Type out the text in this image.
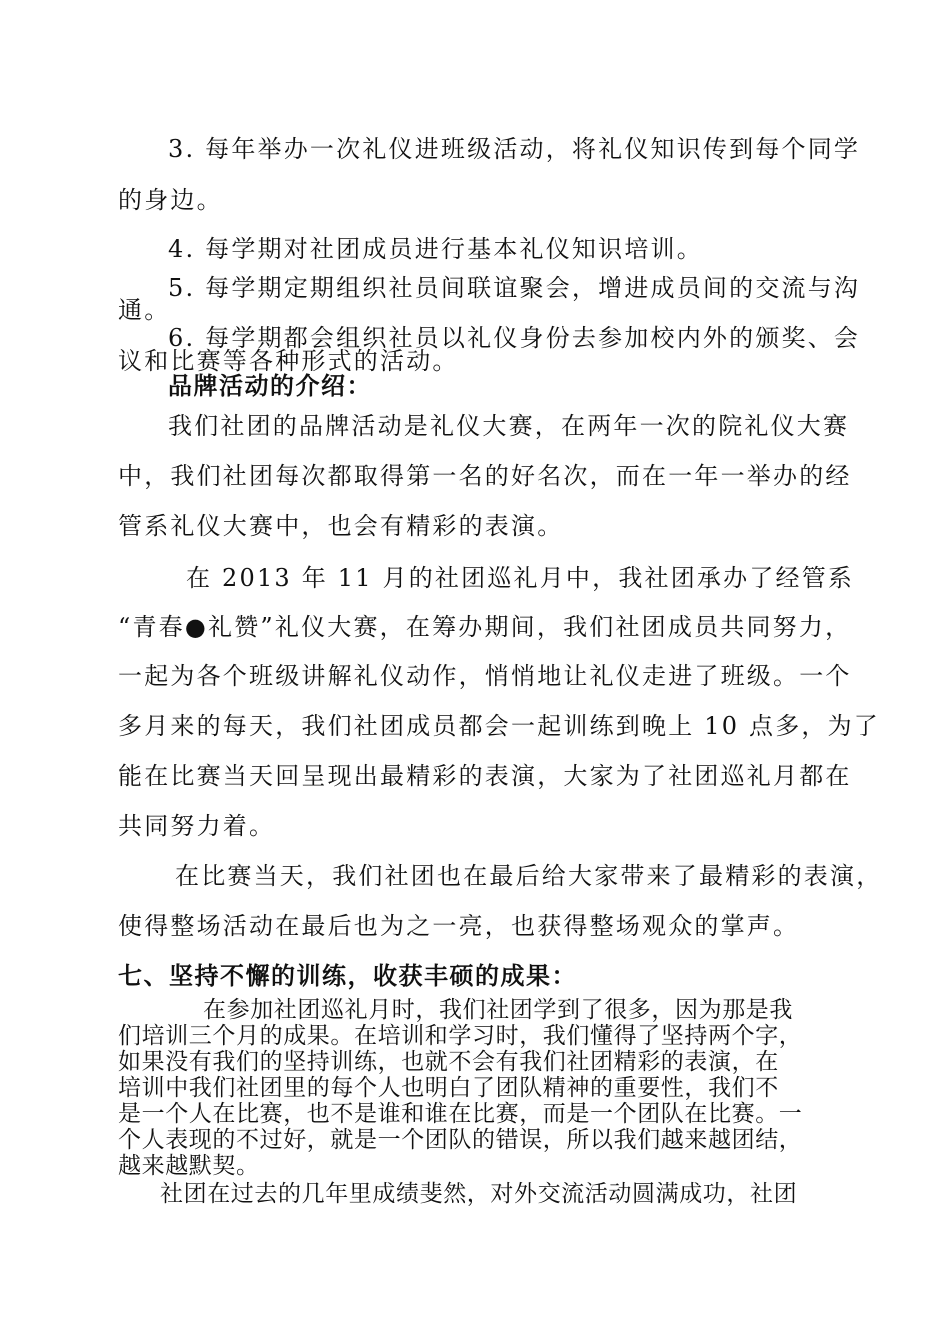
3. 每年举办一次礼仪进班级活动，将礼仪知识传到每个同学
的身边。
4. 每学期对社团成员进行基本礼仪知识培训。
5. 每学期定期组织社员间联谊聚会，增进成员间的交流与沟
通。
6. 每学期都会组织社员以礼仪身份去参加校内外的颁奖、会
议和比赛等各种形式的活动。
品牌活动的介绍：
我们社团的品牌活动是礼仪大赛，在两年一次的院礼仪大赛
中，我们社团每次都取得第一名的好名次，而在一年一举办的经
管系礼仪大赛中，也会有精彩的表演。
在 2013 年 11 月的社团巡礼月中，我社团承办了经管系
“青春●礼赞”礼仪大赛，在筹办期间，我们社团成员共同努力，
一起为各个班级讲解礼仪动作，悄悄地让礼仪走进了班级。一个
多月来的每天，我们社团成员都会一起训练到晚上 10 点多，为了
能在比赛当天回呈现出最精彩的表演，大家为了社团巡礼月都在
共同努力着。
在比赛当天，我们社团也在最后给大家带来了最精彩的表演，
使得整场活动在最后也为之一亮，也获得整场观众的掌声。
七、坚持不懈的训练，收获丰硕的成果：
在参加社团巡礼月时，我们社团学到了很多，因为那是我
们培训三个月的成果。在培训和学习时，我们懂得了坚持两个字，
如果没有我们的坚持训练，也就不会有我们社团精彩的表演，在
培训中我们社团里的每个人也明白了团队精神的重要性，我们不
是一个人在比赛，也不是谁和谁在比赛，而是一个团队在比赛。一
个人表现的不过好，就是一个团队的错误，所以我们越来越团结，
越来越默契。
社团在过去的几年里成绩斐然，对外交流活动圆满成功，社团
